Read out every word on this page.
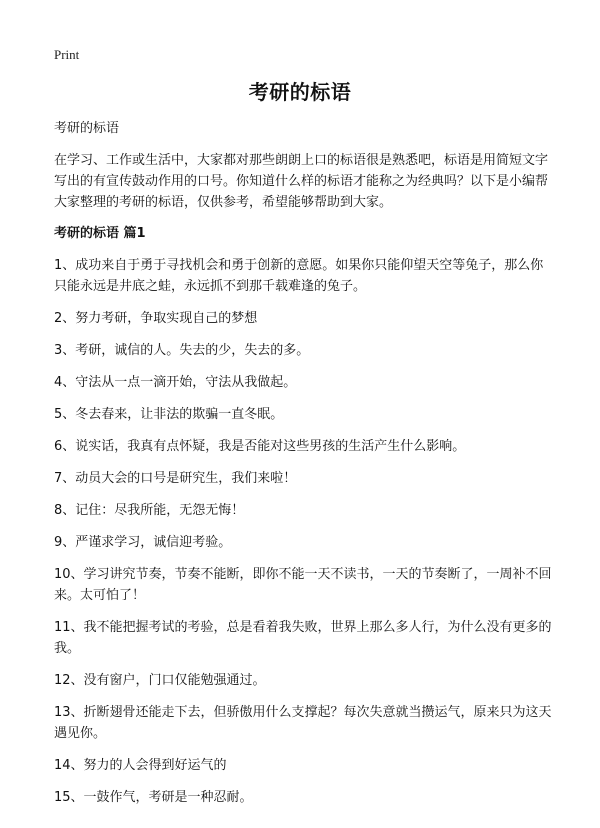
Print
考研的标语

考研的标语

在学习、工作或生活中，大家都对那些朗朗上口的标语很是熟悉吧，标语是用简短文字写出的有宣传鼓动作用的口号。你知道什么样的标语才能称之为经典吗？以下是小编帮大家整理的考研的标语，仅供参考，希望能够帮助到大家。

考研的标语 篇1

1、成功来自于勇于寻找机会和勇于创新的意愿。如果你只能仰望天空等兔子，那么你只能永远是井底之蛙，永远抓不到那千载难逢的兔子。
2、努力考研，争取实现自己的梦想
3、考研，诚信的人。失去的少，失去的多。
4、守法从一点一滴开始，守法从我做起。
5、冬去春来，让非法的欺骗一直冬眠。
6、说实话，我真有点怀疑，我是否能对这些男孩的生活产生什么影响。
7、动员大会的口号是研究生，我们来啦！
8、记住：尽我所能，无怨无悔！
9、严谨求学习，诚信迎考验。
10、学习讲究节奏，节奏不能断，即你不能一天不读书，一天的节奏断了，一周补不回来。太可怕了！
11、我不能把握考试的考验，总是看着我失败，世界上那么多人行，为什么没有更多的我。
12、没有窗户，门口仅能勉强通过。
13、折断翅骨还能走下去，但骄傲用什么支撑起？每次失意就当攒运气，原来只为这天遇见你。
14、努力的人会得到好运气的
15、一鼓作气，考研是一种忍耐。
